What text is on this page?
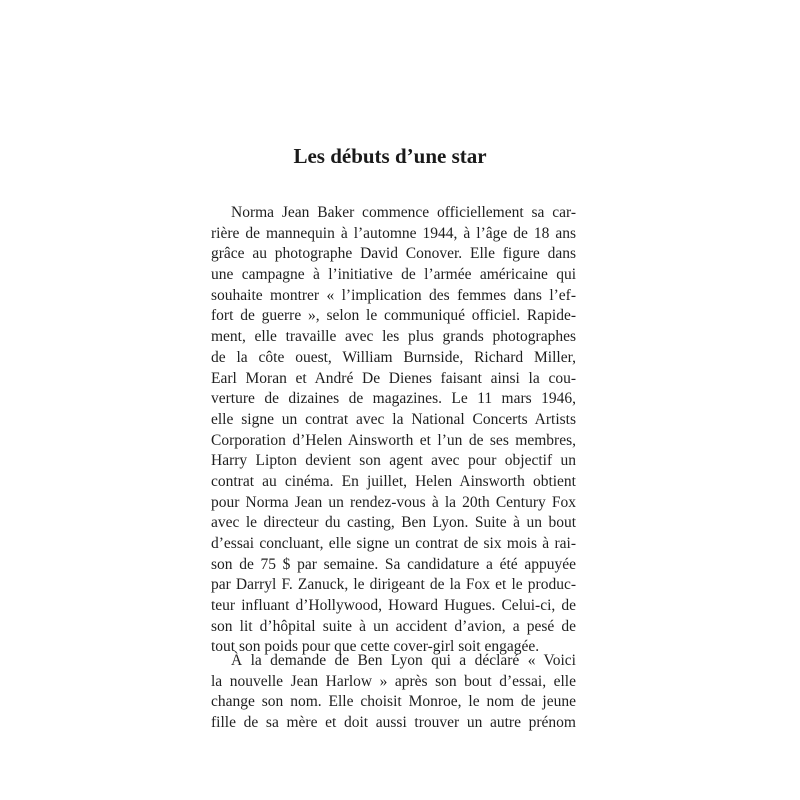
Les débuts d’une star

Norma Jean Baker commence officiellement sa car-
rière de mannequin à l’automne 1944, à l’âge de 18 ans
grâce au photographe David Conover. Elle figure dans
une campagne à l’initiative de l’armée américaine qui
souhaite montrer « l’implication des femmes dans l’ef-
fort de guerre », selon le communiqué officiel. Rapide-
ment, elle travaille avec les plus grands photographes
de la côte ouest, William Burnside, Richard Miller,
Earl Moran et André De Dienes faisant ainsi la cou-
verture de dizaines de magazines. Le 11 mars 1946,
elle signe un contrat avec la National Concerts Artists
Corporation d’Helen Ainsworth et l’un de ses membres,
Harry Lipton devient son agent avec pour objectif un
contrat au cinéma. En juillet, Helen Ainsworth obtient
pour Norma Jean un rendez-vous à la 20th Century Fox
avec le directeur du casting, Ben Lyon. Suite à un bout
d’essai concluant, elle signe un contrat de six mois à rai-
son de 75 $ par semaine. Sa candidature a été appuyée
par Darryl F. Zanuck, le dirigeant de la Fox et le produc-
teur influant d’Hollywood, Howard Hugues. Celui-ci, de
son lit d’hôpital suite à un accident d’avion, a pesé de
tout son poids pour que cette cover-girl soit engagée.

À la demande de Ben Lyon qui a déclaré « Voici
la nouvelle Jean Harlow » après son bout d’essai, elle
change son nom. Elle choisit Monroe, le nom de jeune
fille de sa mère et doit aussi trouver un autre prénom
